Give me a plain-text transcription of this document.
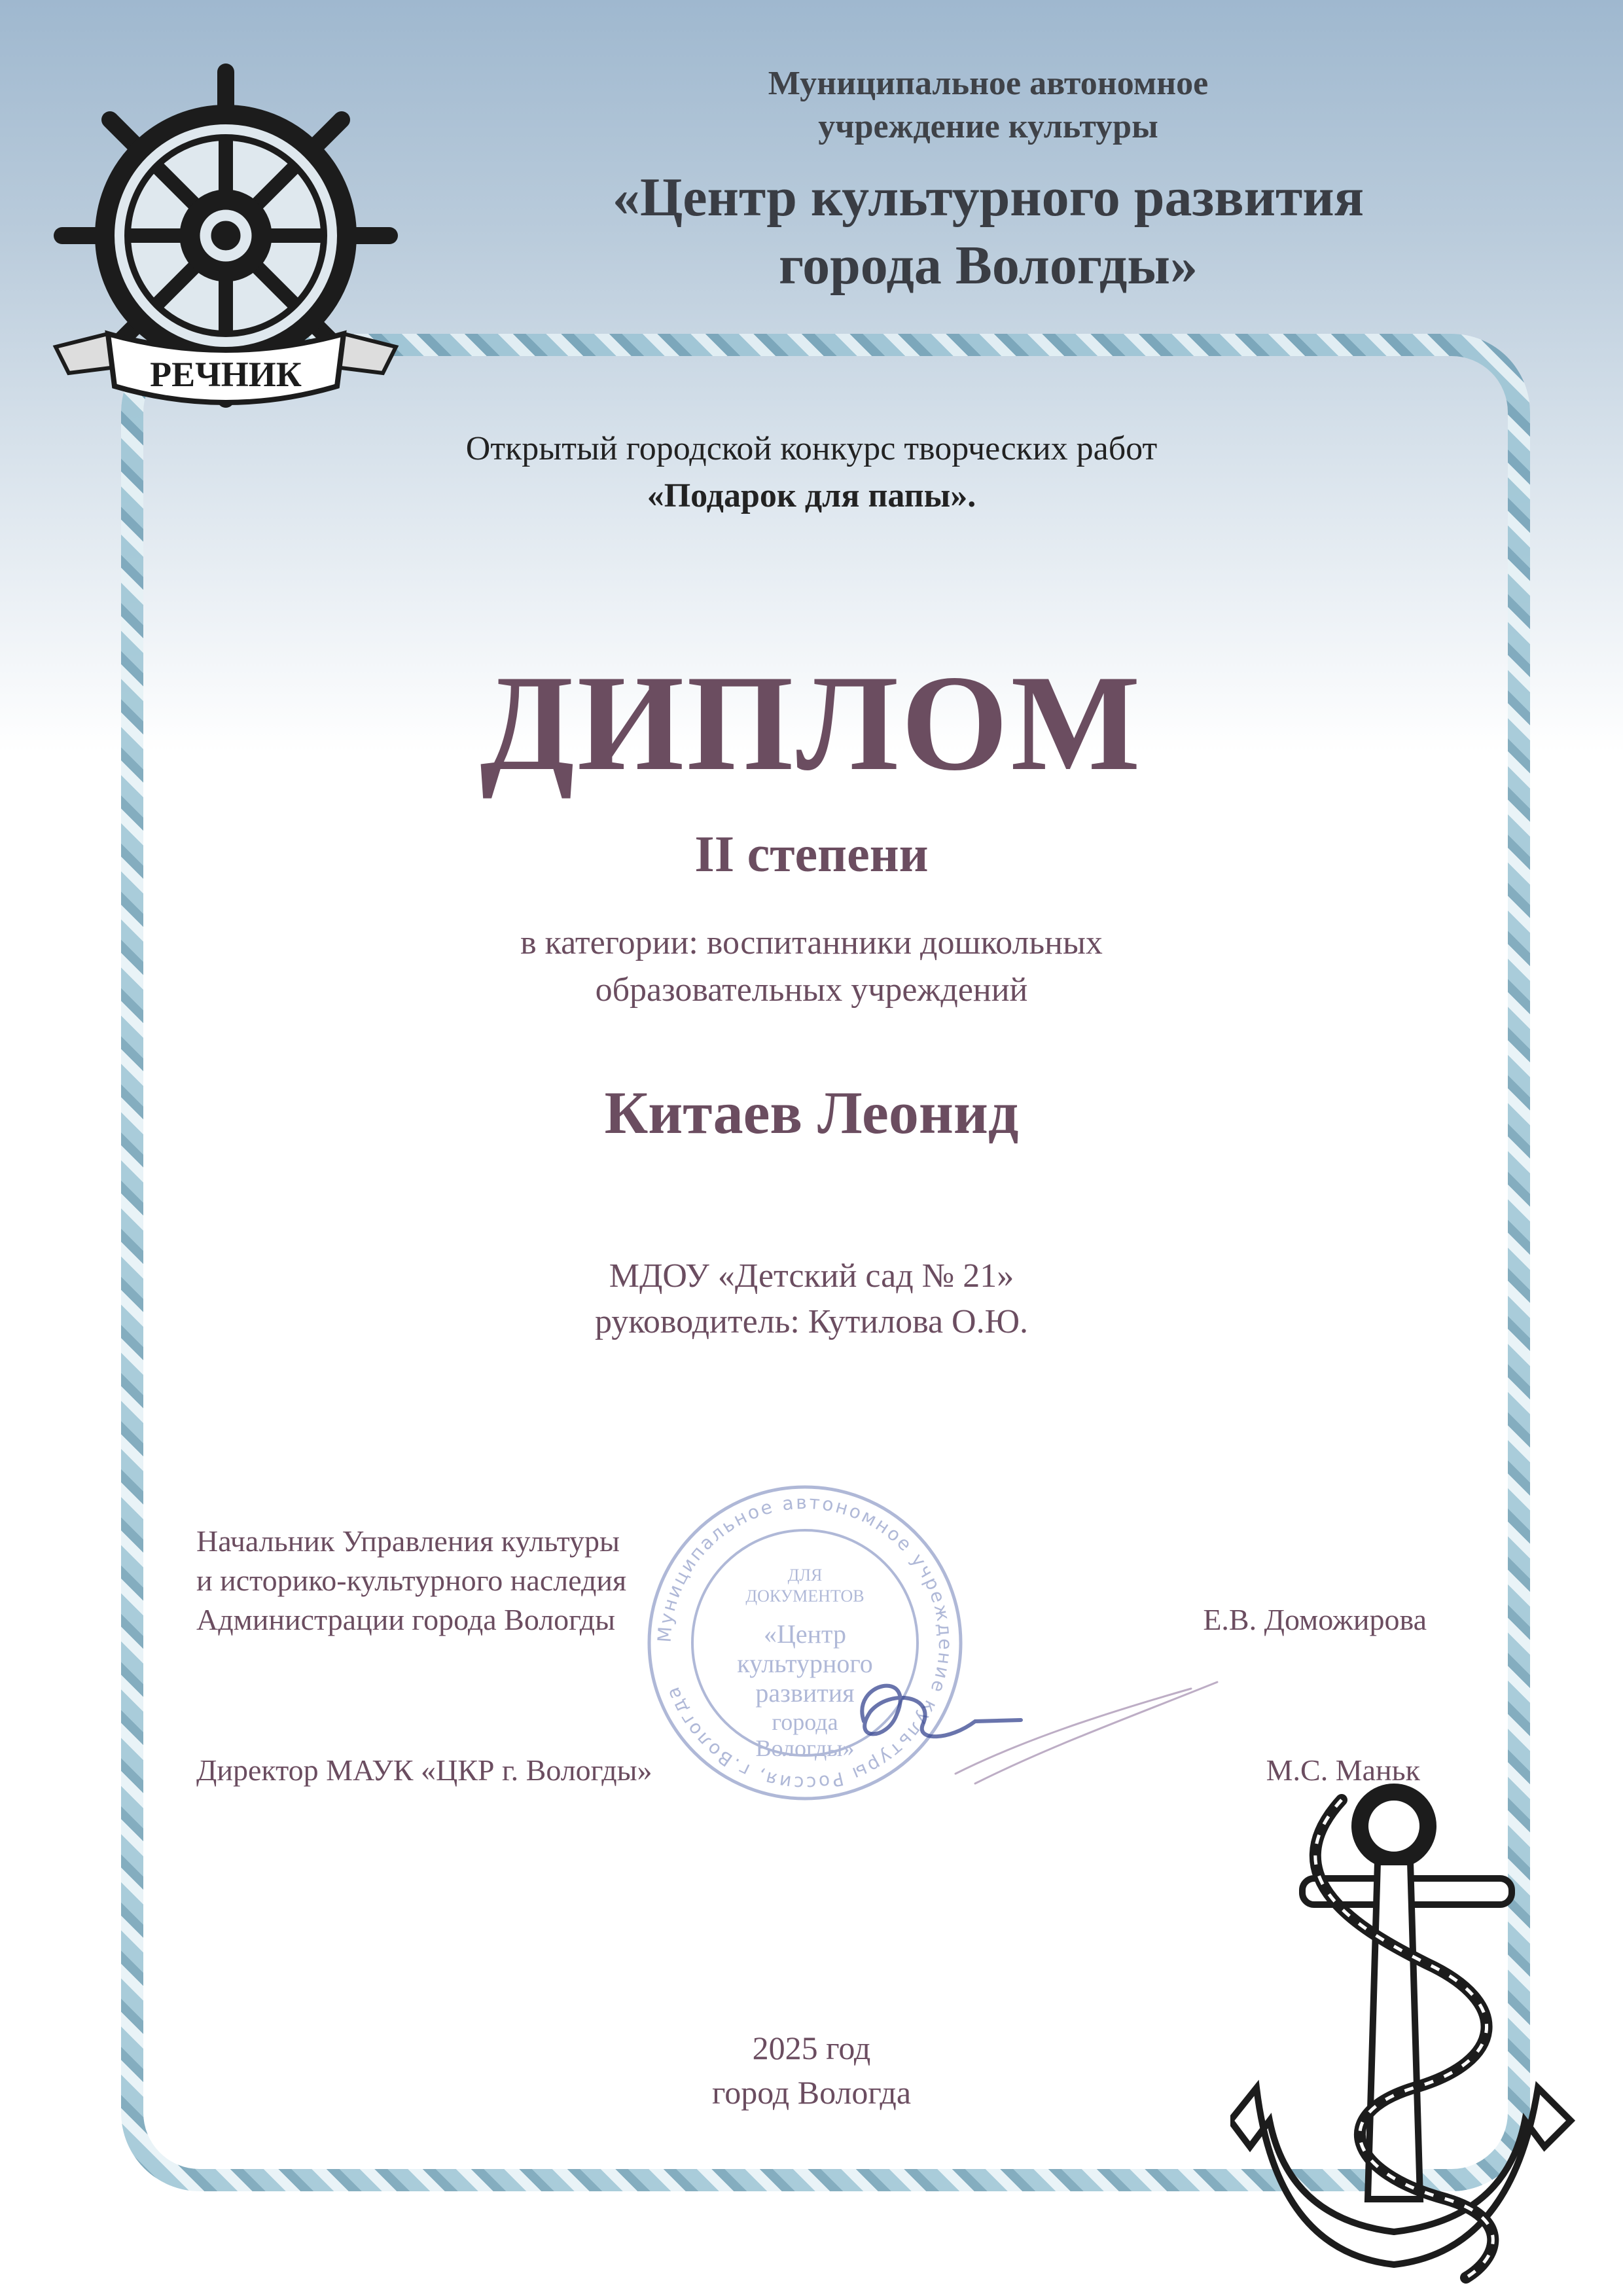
РЕЧНИК
Муниципальное автономное
учреждение культуры
«Центр культурного развития
города Вологды»
Открытый городской конкурс творческих работ
«Подарок для папы».
ДИПЛОМ
II степени
в категории: воспитанники дошкольных
образовательных учреждений
Китаев Леонид
МДОУ «Детский сад № 21»
руководитель: Кутилова О.Ю.
Начальник Управления культуры
и историко-культурного наследия
Администрации города Вологды	Е.В. Доможирова
Директор МАУК «ЦКР г. Вологды»	М.С. Маньк
Муниципальное автономное учреждение культуры Россия, г.Вологда
ДЛЯ
ДОКУМЕНТОВ
«Центр
культурного
развития
города
Вологды»
2025 год
город Вологда
